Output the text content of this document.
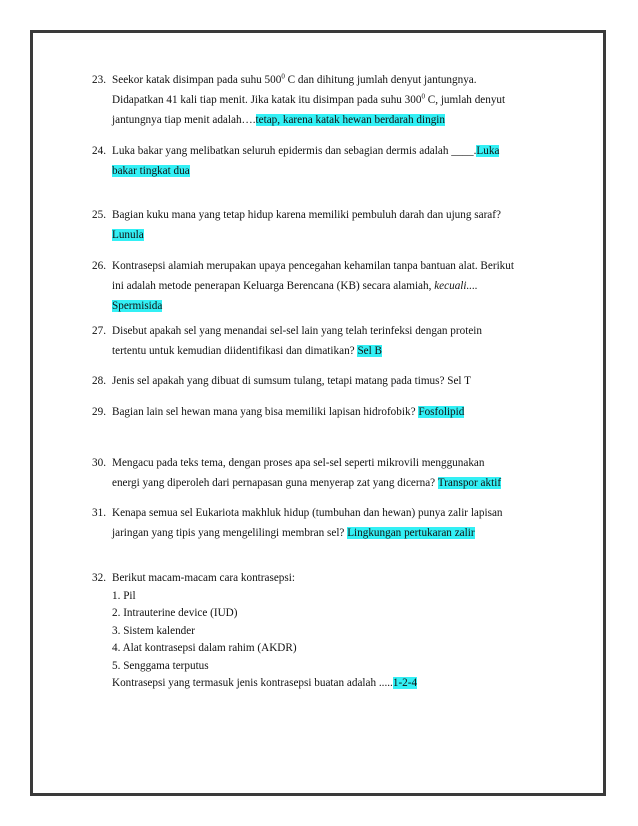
23. Seekor katak disimpan pada suhu $500^0$ C dan dihitung jumlah denyut jantungnya.
Didapatkan 41 kali tiap menit. Jika katak itu disimpan pada suhu $300^0$ C, jumlah denyut
jantungnya tiap menit adalah….tetap, karena katak hewan berdarah dingin
24. Luka bakar yang melibatkan seluruh epidermis dan sebagian dermis adalah ____.Luka
bakar tingkat dua
25. Bagian kuku mana yang tetap hidup karena memiliki pembuluh darah dan ujung saraf?
Lunula
26. Kontrasepsi alamiah merupakan upaya pencegahan kehamilan tanpa bantuan alat. Berikut
ini adalah metode penerapan Keluarga Berencana (KB) secara alamiah, kecuali....
Spermisida
27. Disebut apakah sel yang menandai sel-sel lain yang telah terinfeksi dengan protein
tertentu untuk kemudian diidentifikasi dan dimatikan? Sel B
28. Jenis sel apakah yang dibuat di sumsum tulang, tetapi matang pada timus? Sel T
29. Bagian lain sel hewan mana yang bisa memiliki lapisan hidrofobik? Fosfolipid
30. Mengacu pada teks tema, dengan proses apa sel-sel seperti mikrovili menggunakan
energi yang diperoleh dari pernapasan guna menyerap zat yang dicerna? Transpor aktif
31. Kenapa semua sel Eukariota makhluk hidup (tumbuhan dan hewan) punya zalir lapisan
jaringan yang tipis yang mengelilingi membran sel? Lingkungan pertukaran zalir
32. Berikut macam-macam cara kontrasepsi:
1. Pil
2. Intrauterine device (IUD)
3. Sistem kalender
4. Alat kontrasepsi dalam rahim (AKDR)
5. Senggama terputus
Kontrasepsi yang termasuk jenis kontrasepsi buatan adalah .....1-2-4
